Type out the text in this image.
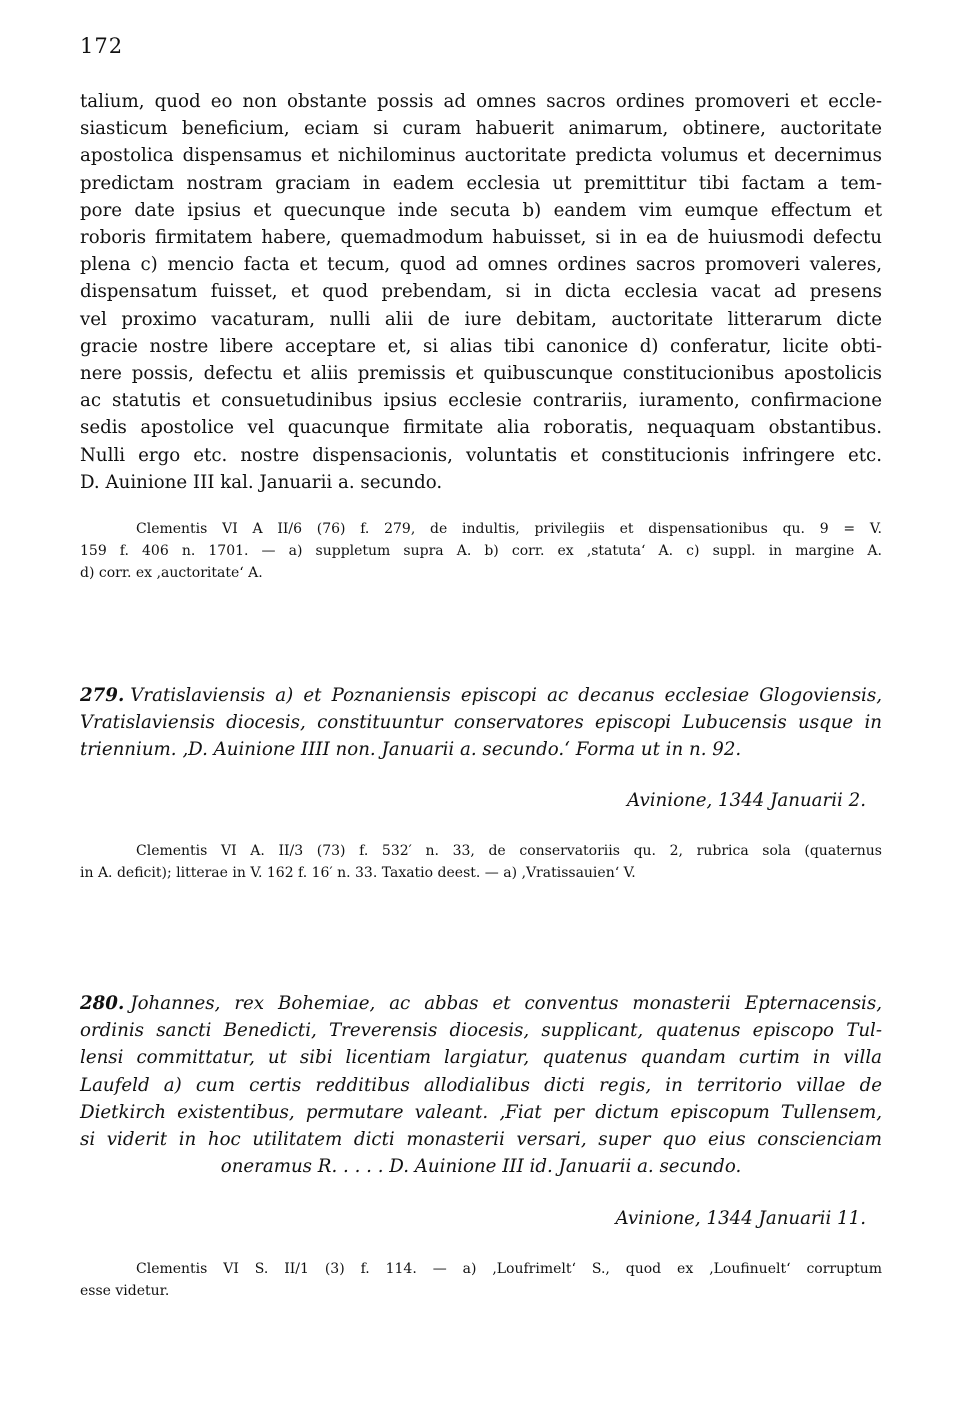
172
talium, quod eo non obstante possis ad omnes sacros ordines promoveri et eccle-
siasticum beneficium, eciam si curam habuerit animarum, obtinere, auctoritate
apostolica dispensamus et nichilominus auctoritate predicta volumus et decernimus
predictam nostram graciam in eadem ecclesia ut premittitur tibi factam a tem-
pore date ipsius et quecunque inde secuta b) eandem vim eumque effectum et
roboris firmitatem habere, quemadmodum habuisset, si in ea de huiusmodi defectu
plena c) mencio facta et tecum, quod ad omnes ordines sacros promoveri valeres,
dispensatum fuisset, et quod prebendam, si in dicta ecclesia vacat ad presens
vel proximo vacaturam, nulli alii de iure debitam, auctoritate litterarum dicte
gracie nostre libere acceptare et, si alias tibi canonice d) conferatur, licite obti-
nere possis, defectu et aliis premissis et quibuscunque constitucionibus apostolicis
ac statutis et consuetudinibus ipsius ecclesie contrariis, iuramento, confirmacione
sedis apostolice vel quacunque firmitate alia roboratis, nequaquam obstantibus.
Nulli ergo etc. nostre dispensacionis, voluntatis et constitucionis infringere etc.
D. Auinione III kal. Januarii a. secundo.
Clementis VI A II/6 (76) f. 279, de indultis, privilegiis et dispensationibus qu. 9 = V.
159 f. 406 n. 1701. — a) suppletum supra A. b) corr. ex ‚statuta‘ A. c) suppl. in margine A.
d) corr. ex ‚auctoritate‘ A.
279. Vratislaviensis a) et Poznaniensis episcopi ac decanus ecclesiae Glogoviensis,
Vratislaviensis diocesis, constituuntur conservatores episcopi Lubucensis usque in
triennium. ‚D. Auinione IIII non. Januarii a. secundo.‘ Forma ut in n. 92.
Avinione, 1344 Januarii 2.
Clementis VI A. II/3 (73) f. 532′ n. 33, de conservatoriis qu. 2, rubrica sola (quaternus
in A. deficit); litterae in V. 162 f. 16′ n. 33. Taxatio deest. — a) ‚Vratissauien‘ V.
280. Johannes, rex Bohemiae, ac abbas et conventus monasterii Epternacensis,
ordinis sancti Benedicti, Treverensis diocesis, supplicant, quatenus episcopo Tul-
lensi committatur, ut sibi licentiam largiatur, quatenus quandam curtim in villa
Laufeld a) cum certis redditibus allodialibus dicti regis, in territorio villae de
Dietkirch existentibus, permutare valeant. ‚Fiat per dictum episcopum Tullensem,
si viderit in hoc utilitatem dicti monasterii versari, super quo eius conscienciam
oneramus R. . . . . D. Auinione III id. Januarii a. secundo.
Avinione, 1344 Januarii 11.
Clementis VI S. II/1 (3) f. 114. — a) ‚Loufrimelt‘ S., quod ex ‚Loufinuelt‘ corruptum
esse videtur.
